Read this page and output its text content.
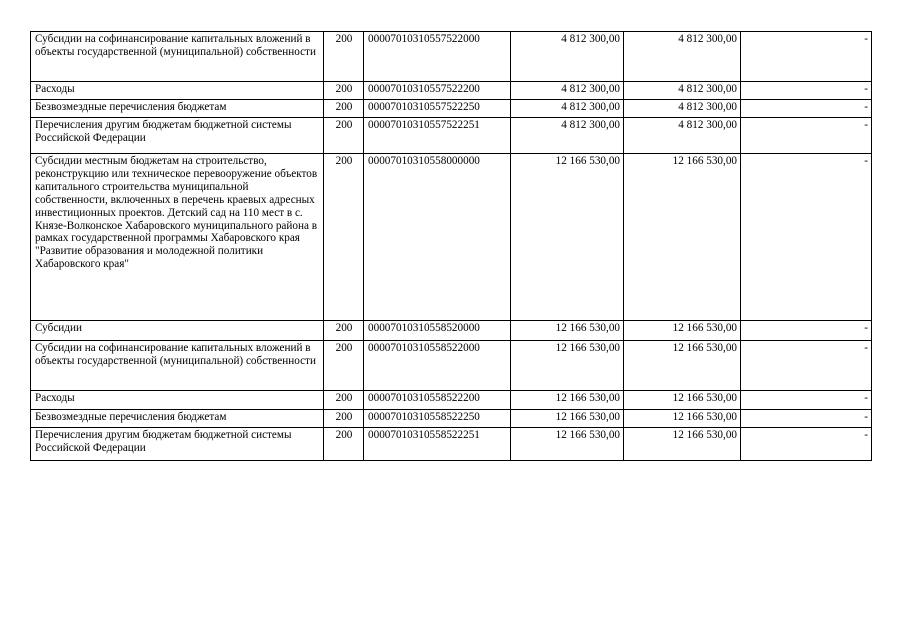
Субсидии на софинансирование капитальных вложений в объекты государственной (муниципальной) собственности	200	00007010310557522000	4 812 300,00	4 812 300,00	-
Расходы	200	00007010310557522200	4 812 300,00	4 812 300,00	-
Безвозмездные перечисления бюджетам	200	00007010310557522250	4 812 300,00	4 812 300,00	-
Перечисления другим бюджетам бюджетной системы Российской Федерации	200	00007010310557522251	4 812 300,00	4 812 300,00	-
Субсидии местным бюджетам на строительство, реконструкцию или техническое перевооружение объектов капитального строительства муниципальной собственности, включенных в перечень краевых адресных инвестиционных проектов. Детский сад на 110 мест в с. Князе-Волконское Хабаровского муниципального района в рамках государственной программы Хабаровского края "Развитие образования и молодежной политики Хабаровского края"	200	00007010310558000000	12 166 530,00	12 166 530,00	-
Субсидии	200	00007010310558520000	12 166 530,00	12 166 530,00	-
Субсидии на софинансирование капитальных вложений в объекты государственной (муниципальной) собственности	200	00007010310558522000	12 166 530,00	12 166 530,00	-
Расходы	200	00007010310558522200	12 166 530,00	12 166 530,00	-
Безвозмездные перечисления бюджетам	200	00007010310558522250	12 166 530,00	12 166 530,00	-
Перечисления другим бюджетам бюджетной системы Российской Федерации	200	00007010310558522251	12 166 530,00	12 166 530,00	-
